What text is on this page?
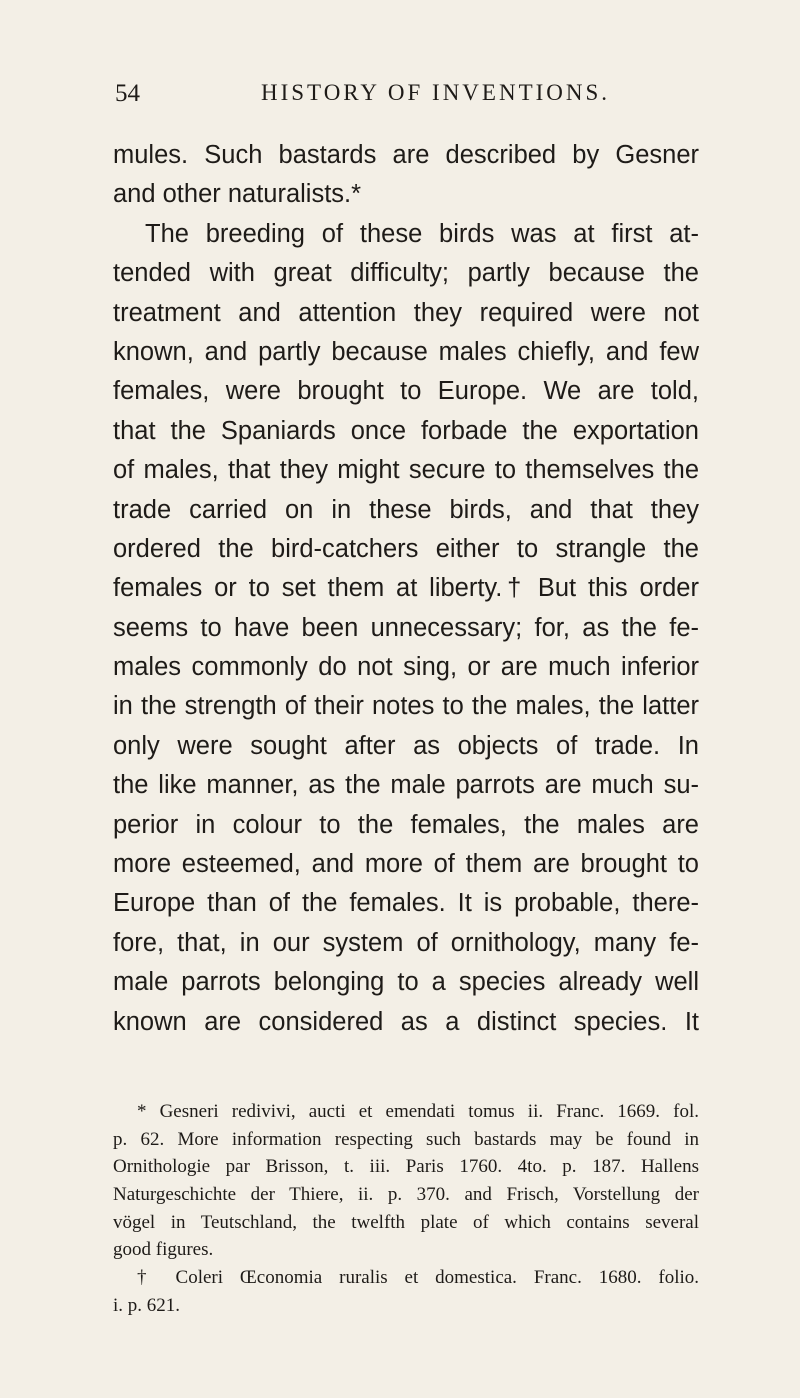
54	HISTORY OF INVENTIONS.
mules. Such bastards are described by Gesner
and other naturalists.*
The breeding of these birds was at first at-
tended with great difficulty; partly because the
treatment and attention they required were not
known, and partly because males chiefly, and few
females, were brought to Europe. We are told,
that the Spaniards once forbade the exportation
of males, that they might secure to themselves the
trade carried on in these birds, and that they
ordered the bird-catchers either to strangle the
females or to set them at liberty.† But this order
seems to have been unnecessary; for, as the fe-
males commonly do not sing, or are much inferior
in the strength of their notes to the males, the latter
only were sought after as objects of trade. In
the like manner, as the male parrots are much su-
perior in colour to the females, the males are
more esteemed, and more of them are brought to
Europe than of the females. It is probable, there-
fore, that, in our system of ornithology, many fe-
male parrots belonging to a species already well
known are considered as a distinct species. It
* Gesneri redivivi, aucti et emendati tomus ii. Franc. 1669. fol.
p. 62. More information respecting such bastards may be found in
Ornithologie par Brisson, t. iii. Paris 1760. 4to. p. 187. Hallens
Naturgeschichte der Thiere, ii. p. 370. and Frisch, Vorstellung der
vögel in Teutschland, the twelfth plate of which contains several
good figures.
† Coleri Œconomia ruralis et domestica. Franc. 1680. folio.
i. p. 621.
